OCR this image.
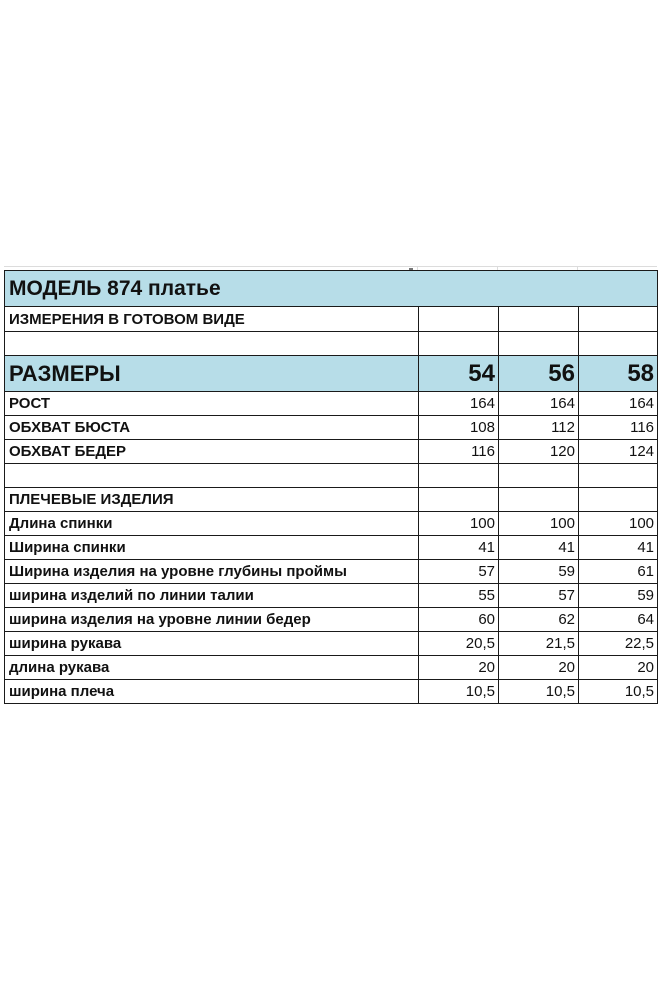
МОДЕЛЬ 874 платье			
ИЗМЕРЕНИЯ В ГОТОВОМ ВИДЕ			

РАЗМЕРЫ	54	56	58
РОСТ	164	164	164
ОБХВАТ БЮСТА	108	112	116
ОБХВАТ БЕДЕР	116	120	124

ПЛЕЧЕВЫЕ ИЗДЕЛИЯ			
Длина спинки	100	100	100
Ширина спинки	41	41	41
Ширина изделия на уровне глубины проймы	57	59	61
ширина изделий по линии талии	55	57	59
ширина изделия на уровне линии бедер	60	62	64
ширина рукава	20,5	21,5	22,5
длина рукава	20	20	20
ширина плеча	10,5	10,5	10,5
